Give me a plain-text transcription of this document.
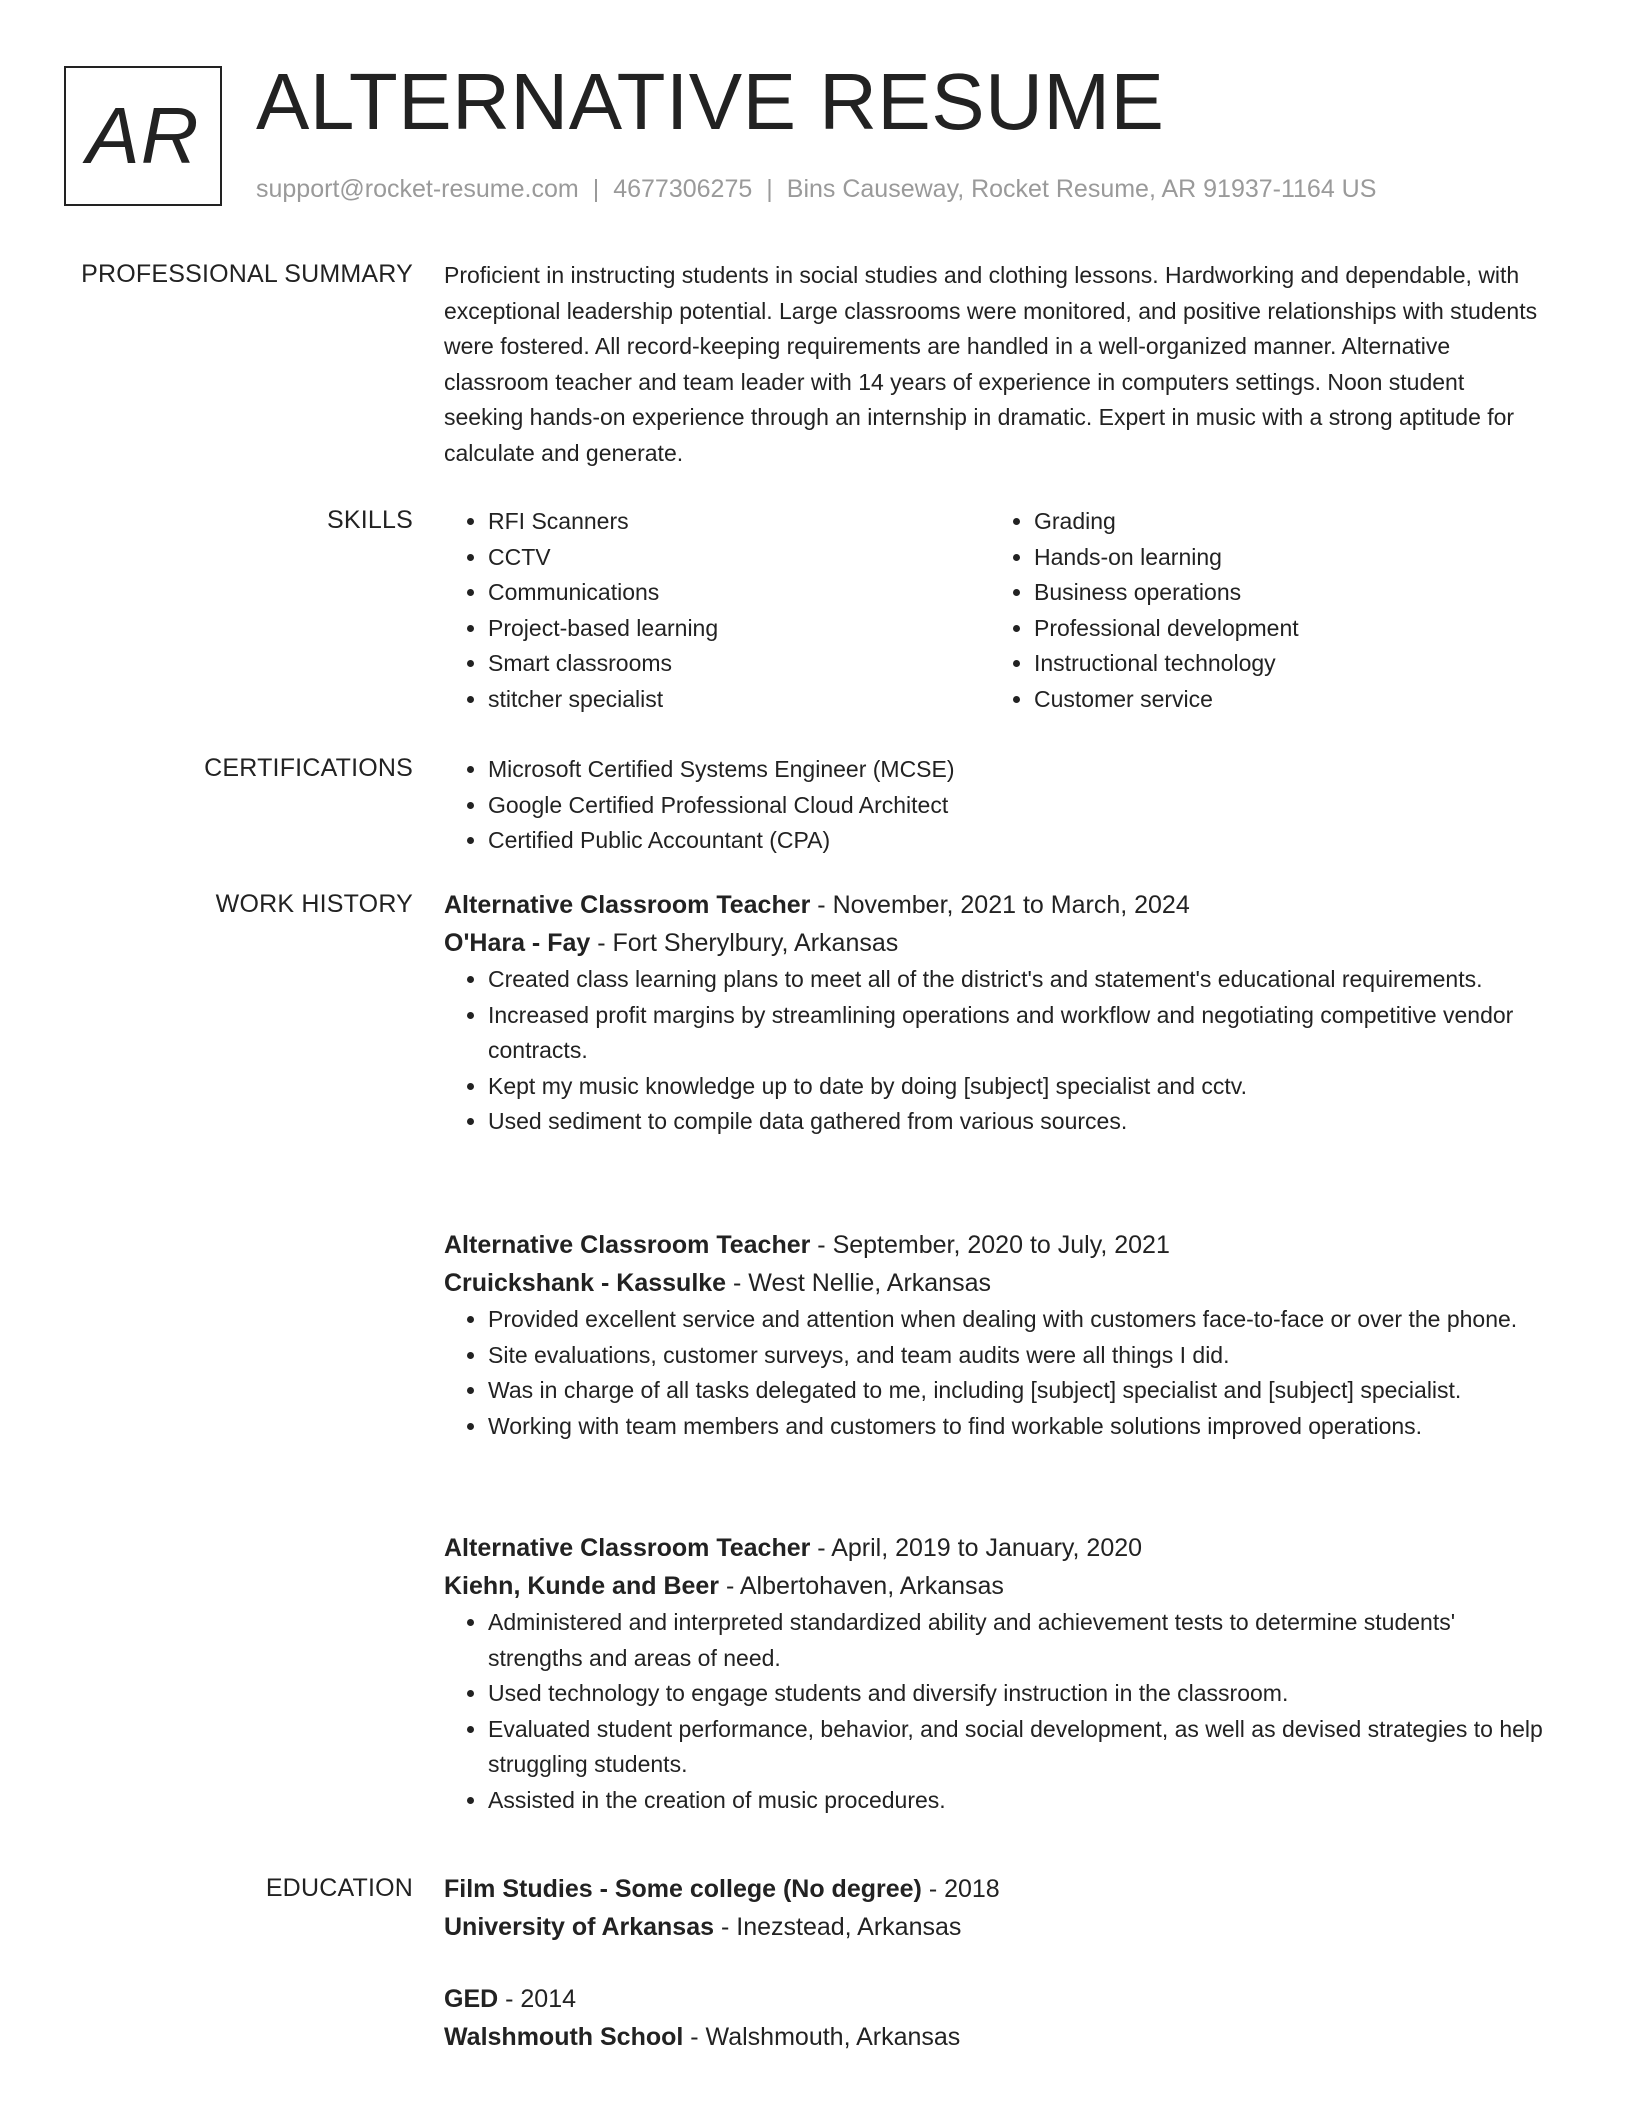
AR ALTERNATIVE RESUME
support@rocket-resume.com | 4677306275 | Bins Causeway, Rocket Resume, AR 91937-1164 US
PROFESSIONAL SUMMARY Proficient in instructing students in social studies and clothing lessons. Hardworking and dependable, with exceptional leadership potential. Large classrooms were monitored, and positive relationships with students were fostered. All record-keeping requirements are handled in a well-organized manner. Alternative classroom teacher and team leader with 14 years of experience in computers settings. Noon student seeking hands-on experience through an internship in dramatic. Expert in music with a strong aptitude for calculate and generate.

SKILLS	• RFI Scanners
• CCTV
• Communications
• Project-based learning
• Smart classrooms
• stitcher specialist
• Grading
• Hands-on learning
• Business operations
• Professional development
• Instructional technology
• Customer service
CERTIFICATIONS	• Microsoft Certified Systems Engineer (MCSE)
• Google Certified Professional Cloud Architect
• Certified Public Accountant (CPA)
WORK HISTORY Alternative Classroom Teacher - November, 2021 to March, 2024
O'Hara - Fay - Fort Sherylbury, Arkansas
• Created class learning plans to meet all of the district's and statement's educational requirements.
• Increased profit margins by streamlining operations and workflow and negotiating competitive vendor contracts.
• Kept my music knowledge up to date by doing [subject] specialist and cctv.
• Used sediment to compile data gathered from various sources.
Alternative Classroom Teacher - September, 2020 to July, 2021
Cruickshank - Kassulke - West Nellie, Arkansas
• Provided excellent service and attention when dealing with customers face-to-face or over the phone.
• Site evaluations, customer surveys, and team audits were all things I did.
• Was in charge of all tasks delegated to me, including [subject] specialist and [subject] specialist.
• Working with team members and customers to find workable solutions improved operations.
Alternative Classroom Teacher - April, 2019 to January, 2020
Kiehn, Kunde and Beer - Albertohaven, Arkansas
• Administered and interpreted standardized ability and achievement tests to determine students' strengths and areas of need.
• Used technology to engage students and diversify instruction in the classroom.
• Evaluated student performance, behavior, and social development, as well as devised strategies to help struggling students.
• Assisted in the creation of music procedures.
EDUCATION Film Studies - Some college (No degree) - 2018
University of Arkansas - Inezstead, Arkansas
GED - 2014
Walshmouth School - Walshmouth, Arkansas
